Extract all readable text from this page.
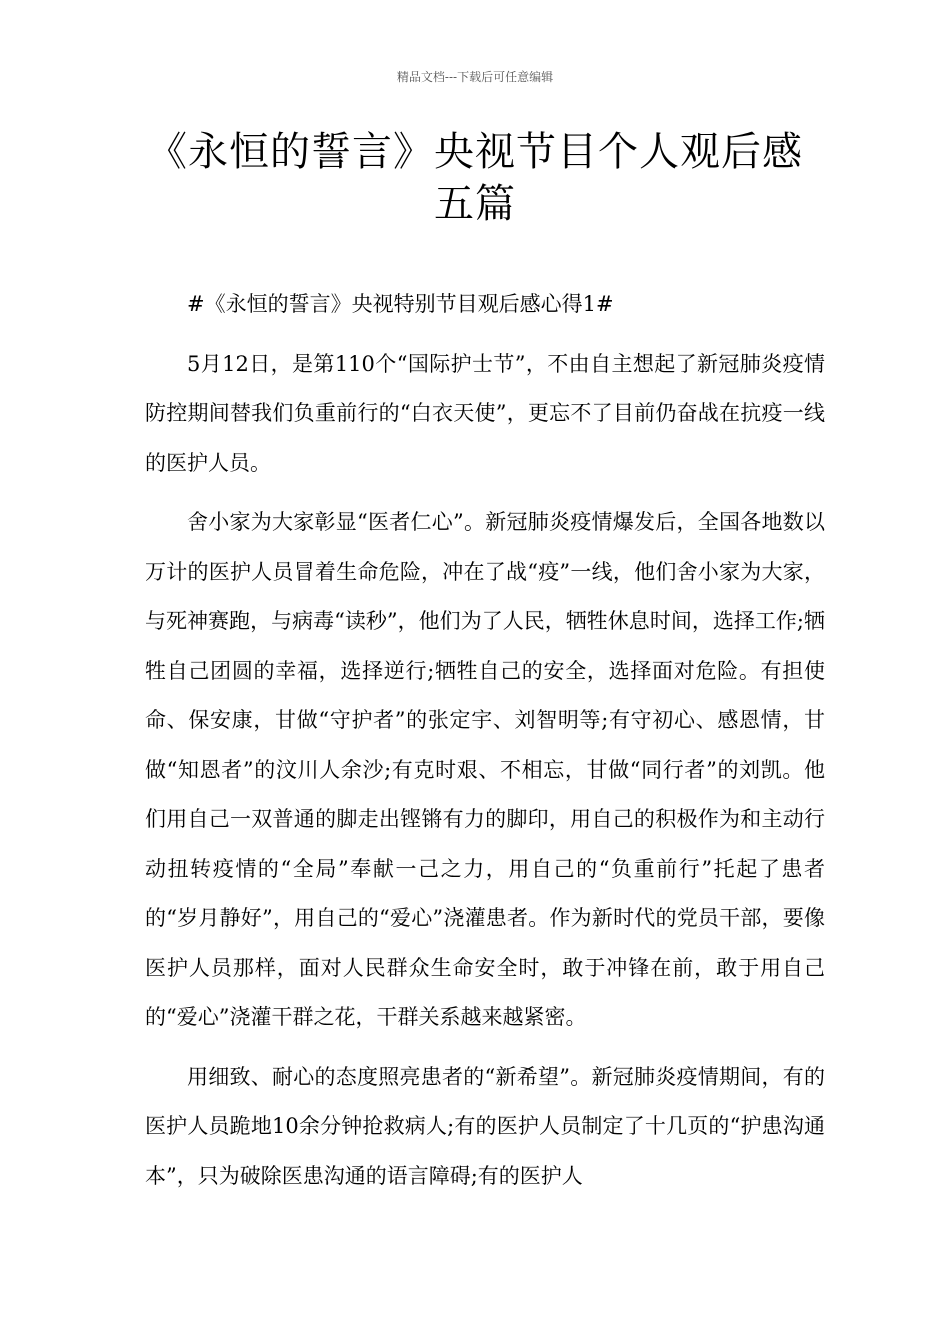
精品文档---下载后可任意编辑
《永恒的誓言》央视节目个人观后感五篇

#《永恒的誓言》央视特别节目观后感心得1#

5月12日，是第110个“国际护士节”，不由自主想起了新冠肺炎疫情防控期间替我们负重前行的“白衣天使”，更忘不了目前仍奋战在抗疫一线的医护人员。

舍小家为大家彰显“医者仁心”。新冠肺炎疫情爆发后，全国各地数以万计的医护人员冒着生命危险，冲在了战“疫”一线，他们舍小家为大家，与死神赛跑，与病毒“读秒”，他们为了人民，牺牲休息时间，选择工作;牺牲自己团圆的幸福，选择逆行;牺牲自己的安全，选择面对危险。有担使命、保安康，甘做“守护者”的张定宇、刘智明等;有守初心、感恩情，甘做“知恩者”的汶川人余沙;有克时艰、不相忘，甘做“同行者”的刘凯。他们用自己一双普通的脚走出铿锵有力的脚印，用自己的积极作为和主动行动扭转疫情的“全局”奉献一己之力，用自己的“负重前行”托起了患者的“岁月静好”，用自己的“爱心”浇灌患者。作为新时代的党员干部，要像医护人员那样，面对人民群众生命安全时，敢于冲锋在前，敢于用自己的“爱心”浇灌干群之花，干群关系越来越紧密。

用细致、耐心的态度照亮患者的“新希望”。新冠肺炎疫情期间，有的医护人员跪地10余分钟抢救病人;有的医护人员制定了十几页的“护患沟通本”，只为破除医患沟通的语言障碍;有的医护人
